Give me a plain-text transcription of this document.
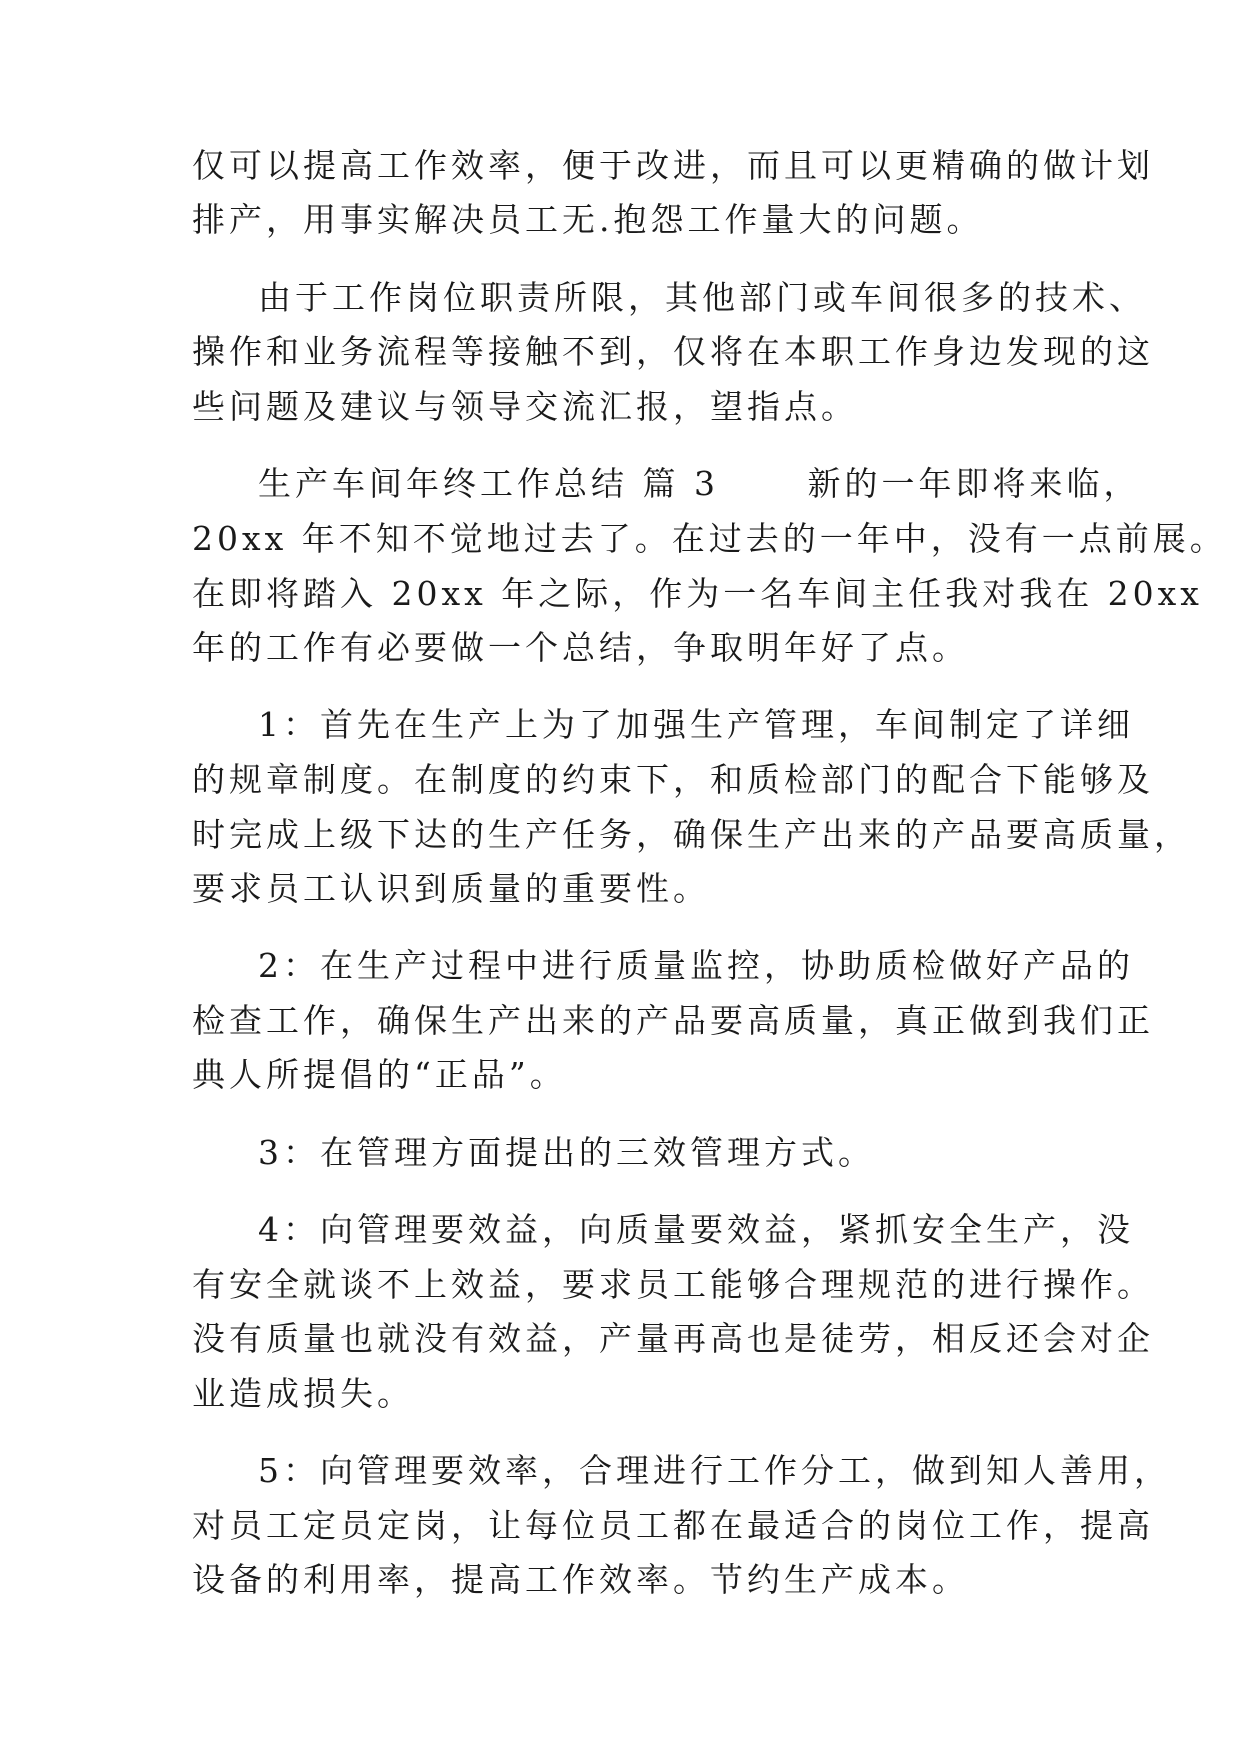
仅可以提高工作效率，便于改进，而且可以更精确的做计划
排产，用事实解决员工无.抱怨工作量大的问题。
由于工作岗位职责所限，其他部门或车间很多的技术、
操作和业务流程等接触不到，仅将在本职工作身边发现的这
些问题及建议与领导交流汇报，望指点。
生产车间年终工作总结 篇 3　　 新的一年即将来临，
20xx 年不知不觉地过去了。在过去的一年中，没有一点前展。
在即将踏入 20xx 年之际，作为一名车间主任我对我在 20xx
年的工作有必要做一个总结，争取明年好了点。
1：首先在生产上为了加强生产管理，车间制定了详细
的规章制度。在制度的约束下，和质检部门的配合下能够及
时完成上级下达的生产任务，确保生产出来的产品要高质量，
要求员工认识到质量的重要性。
2：在生产过程中进行质量监控，协助质检做好产品的
检查工作，确保生产出来的产品要高质量，真正做到我们正
典人所提倡的“正品”。
3：在管理方面提出的三效管理方式。
4：向管理要效益，向质量要效益，紧抓安全生产，没
有安全就谈不上效益，要求员工能够合理规范的进行操作。
没有质量也就没有效益，产量再高也是徒劳，相反还会对企
业造成损失。
5：向管理要效率，合理进行工作分工，做到知人善用，
对员工定员定岗，让每位员工都在最适合的岗位工作，提高
设备的利用率，提高工作效率。节约生产成本。
